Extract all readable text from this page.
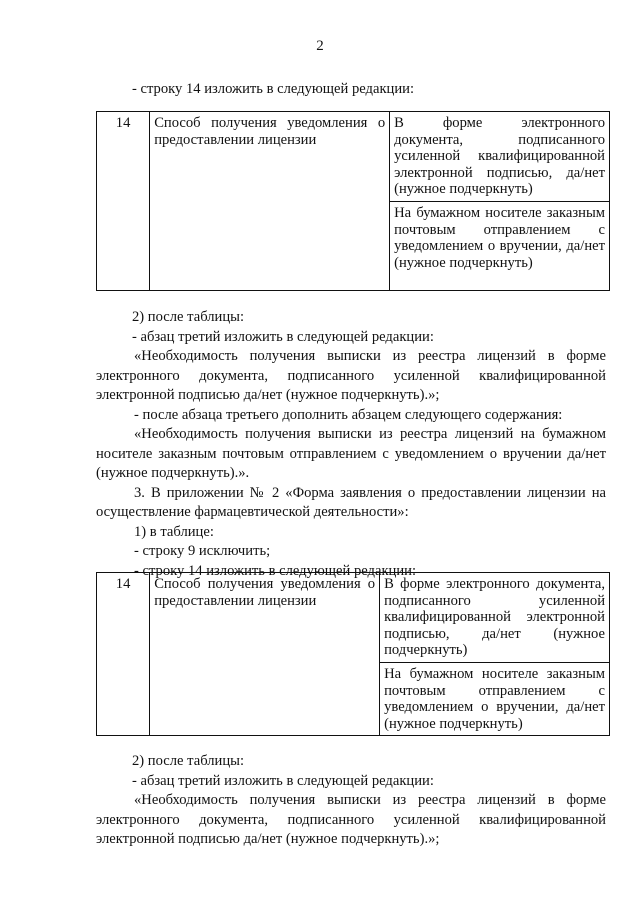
2
- строку 14 изложить в следующей редакции:
14	Способ получения уведомления о предоставлении лицензии	В форме электронного документа, подписанного усиленной квалифицированной электронной подписью, да/нет (нужное подчеркнуть)
На бумажном носителе заказным почтовым отправлением с уведомлением о вручении, да/нет (нужное подчеркнуть)
2) после таблицы:
- абзац третий изложить в следующей редакции:
«Необходимость получения выписки из реестра лицензий в форме электронного документа, подписанного усиленной квалифицированной электронной подписью да/нет (нужное подчеркнуть).»;
- после абзаца третьего дополнить абзацем следующего содержания:
«Необходимость получения выписки из реестра лицензий на бумажном носителе заказным почтовым отправлением с уведомлением о вручении да/нет (нужное подчеркнуть).».
3. В приложении № 2 «Форма заявления о предоставлении лицензии на осуществление фармацевтической деятельности»:
1) в таблице:
- строку 9 исключить;
- строку 14 изложить в следующей редакции:
14	Способ получения уведомления о предоставлении лицензии	В форме электронного документа, подписанного усиленной квалифицированной электронной подписью, да/нет (нужное подчеркнуть)
На бумажном носителе заказным почтовым отправлением с уведомлением о вручении, да/нет (нужное подчеркнуть)
2) после таблицы:
- абзац третий изложить в следующей редакции:
«Необходимость получения выписки из реестра лицензий в форме электронного документа, подписанного усиленной квалифицированной электронной подписью да/нет (нужное подчеркнуть).»;
